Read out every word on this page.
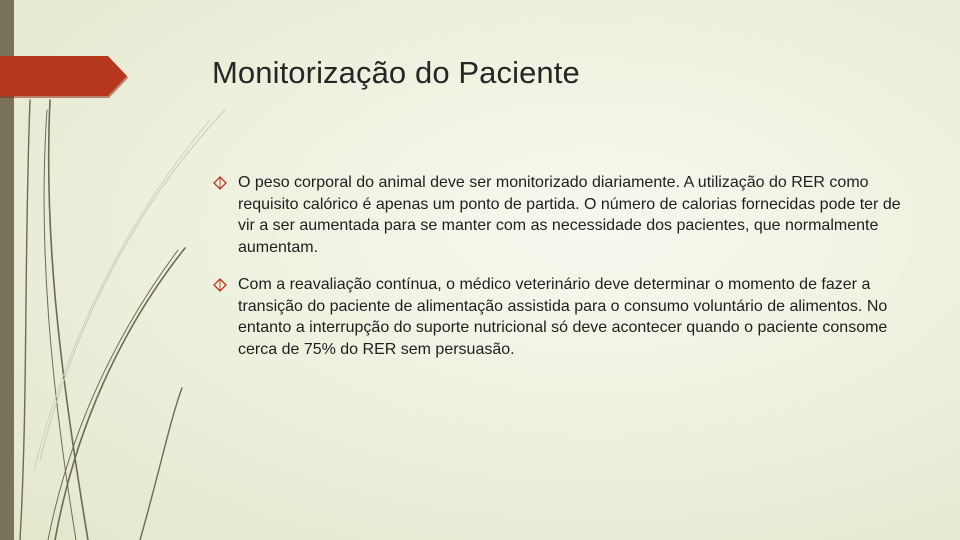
Monitorização do Paciente
O peso corporal do animal deve ser monitorizado diariamente. A utilização do RER como requisito calórico é apenas um ponto de partida. O número de calorias fornecidas pode ter de vir a ser aumentada para se manter com as necessidade dos pacientes, que normalmente aumentam.
Com a reavaliação contínua, o médico veterinário deve determinar o momento de fazer a transição do paciente de alimentação assistida para o consumo voluntário de alimentos. No entanto a interrupção do suporte nutricional só deve acontecer quando o paciente consome cerca de 75% do RER sem persuasão.
